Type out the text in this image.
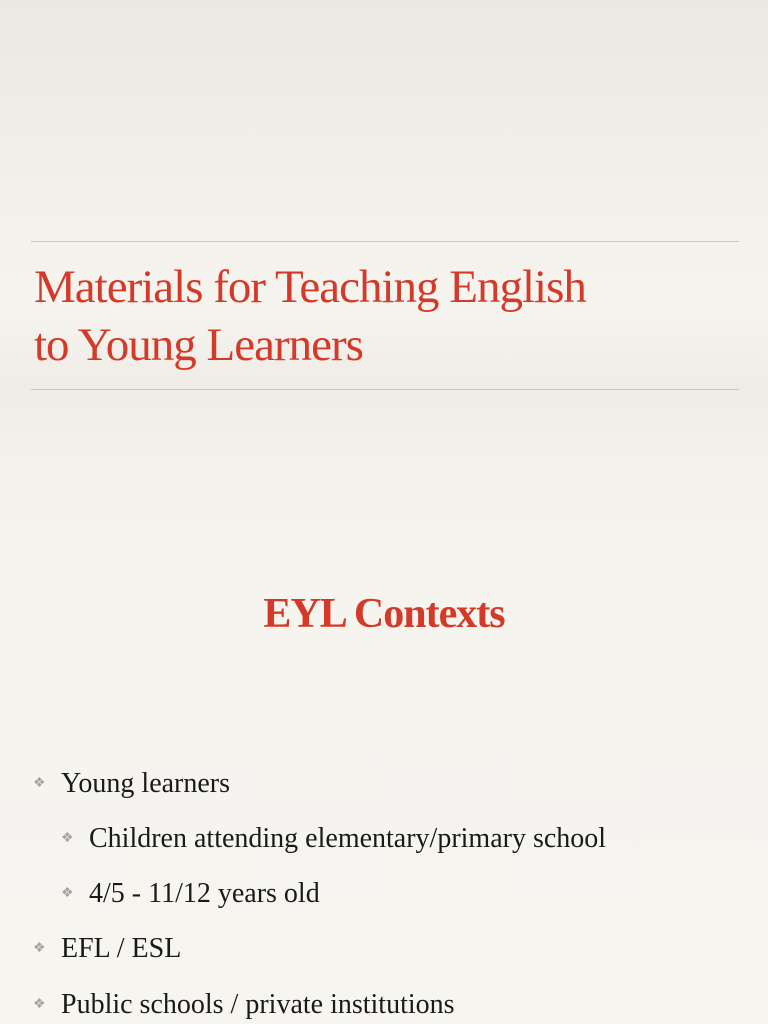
Materials for Teaching English
to Young Learners
EYL Contexts
❖ Young learners
❖ Children attending elementary/primary school
❖ 4/5 - 11/12 years old
❖ EFL / ESL
❖ Public schools / private institutions
